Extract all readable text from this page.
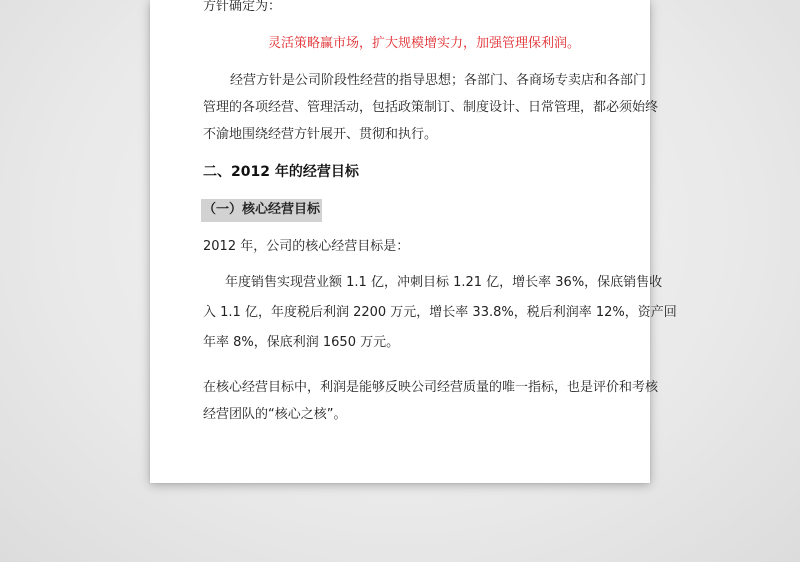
方针确定为：
灵活策略赢市场，扩大规模增实力，加强管理保利润。
经营方针是公司阶段性经营的指导思想；各部门、各商场专卖店和各部门
管理的各项经营、管理活动，包括政策制订、制度设计、日常管理，都必须始终
不渝地围绕经营方针展开、贯彻和执行。
二、2012 年的经营目标
（一）核心经营目标
2012 年，公司的核心经营目标是：
年度销售实现营业额 1.1 亿，冲刺目标 1.21 亿，增长率 36%，保底销售收
入 1.1 亿，年度税后利润 2200 万元，增长率 33.8%，税后利润率 12%，资产回
年率 8%，保底利润 1650 万元。
在核心经营目标中，利润是能够反映公司经营质量的唯一指标，也是评价和考核
经营团队的“核心之核”。
